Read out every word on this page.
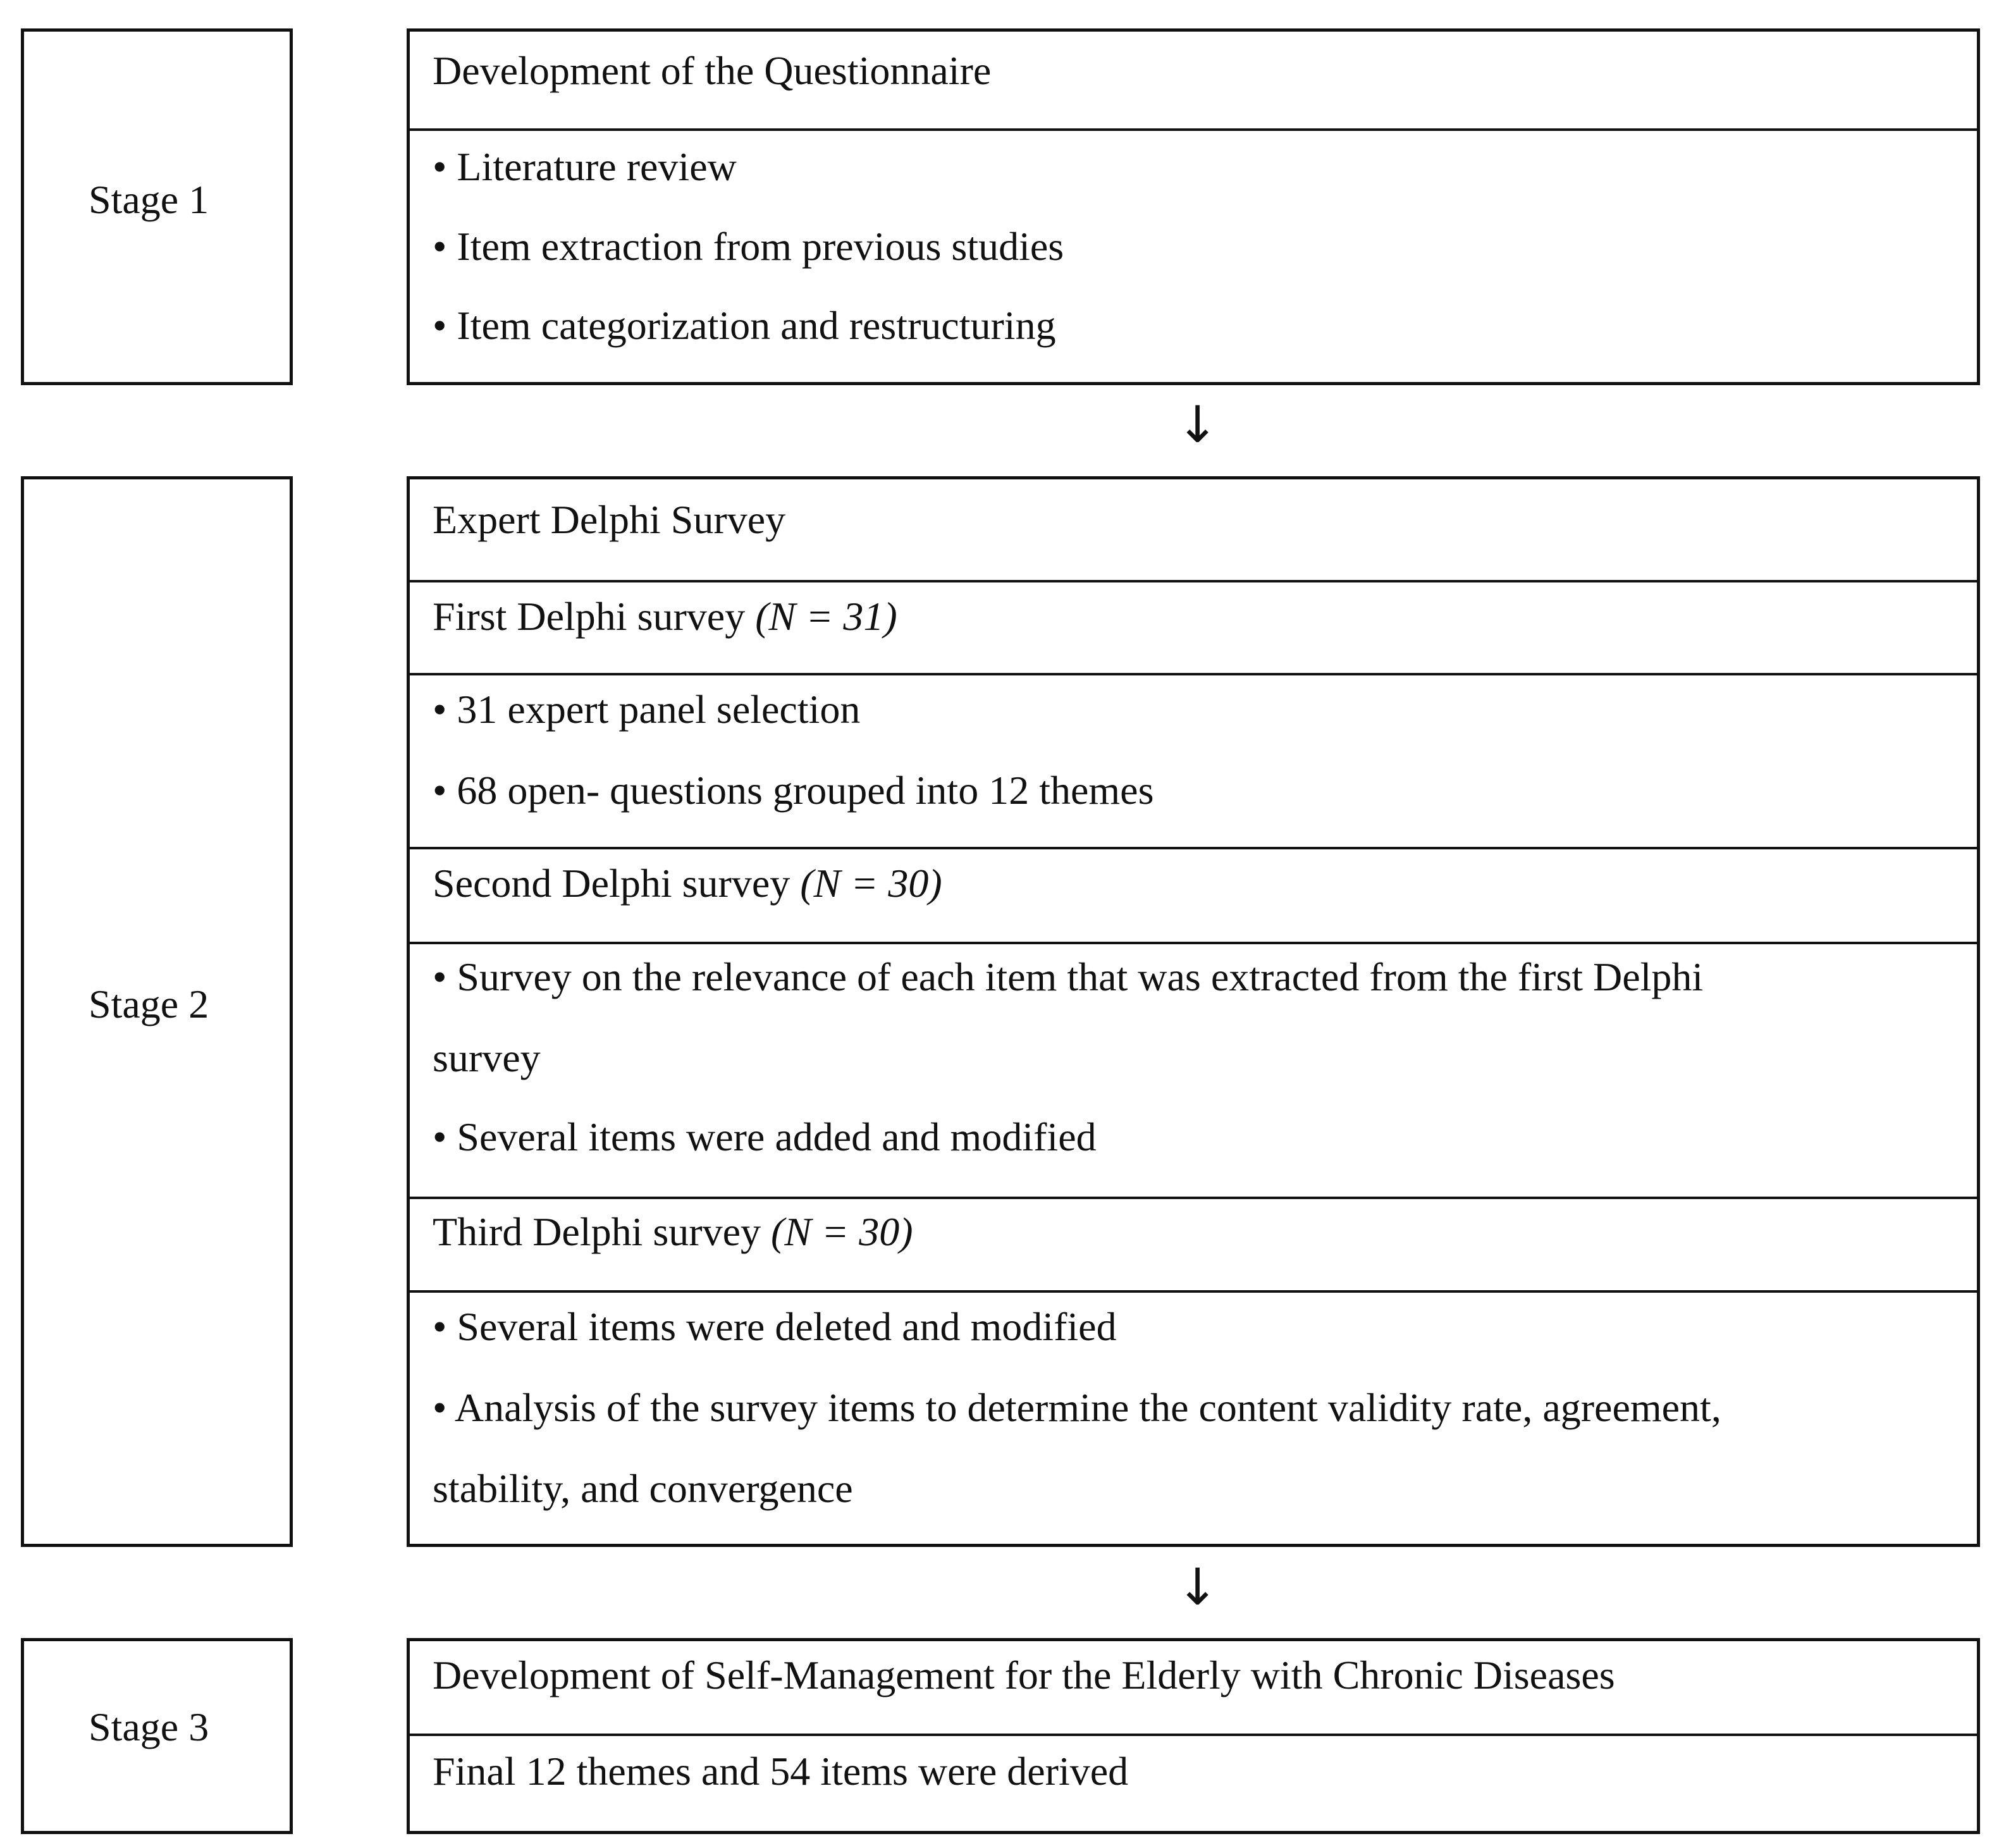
Stage 1
Development of the Questionnaire
• Literature review
• Item extraction from previous studies
• Item categorization and restructuring
↓
Stage 2
Expert Delphi Survey
First Delphi survey (N = 31)
• 31 expert panel selection
• 68 open- questions grouped into 12 themes
Second Delphi survey (N = 30)
• Survey on the relevance of each item that was extracted from the first Delphi
survey
• Several items were added and modified
Third Delphi survey (N = 30)
• Several items were deleted and modified
• Analysis of the survey items to determine the content validity rate, agreement,
stability, and convergence
↓
Stage 3
Development of Self-Management for the Elderly with Chronic Diseases
Final 12 themes and 54 items were derived
